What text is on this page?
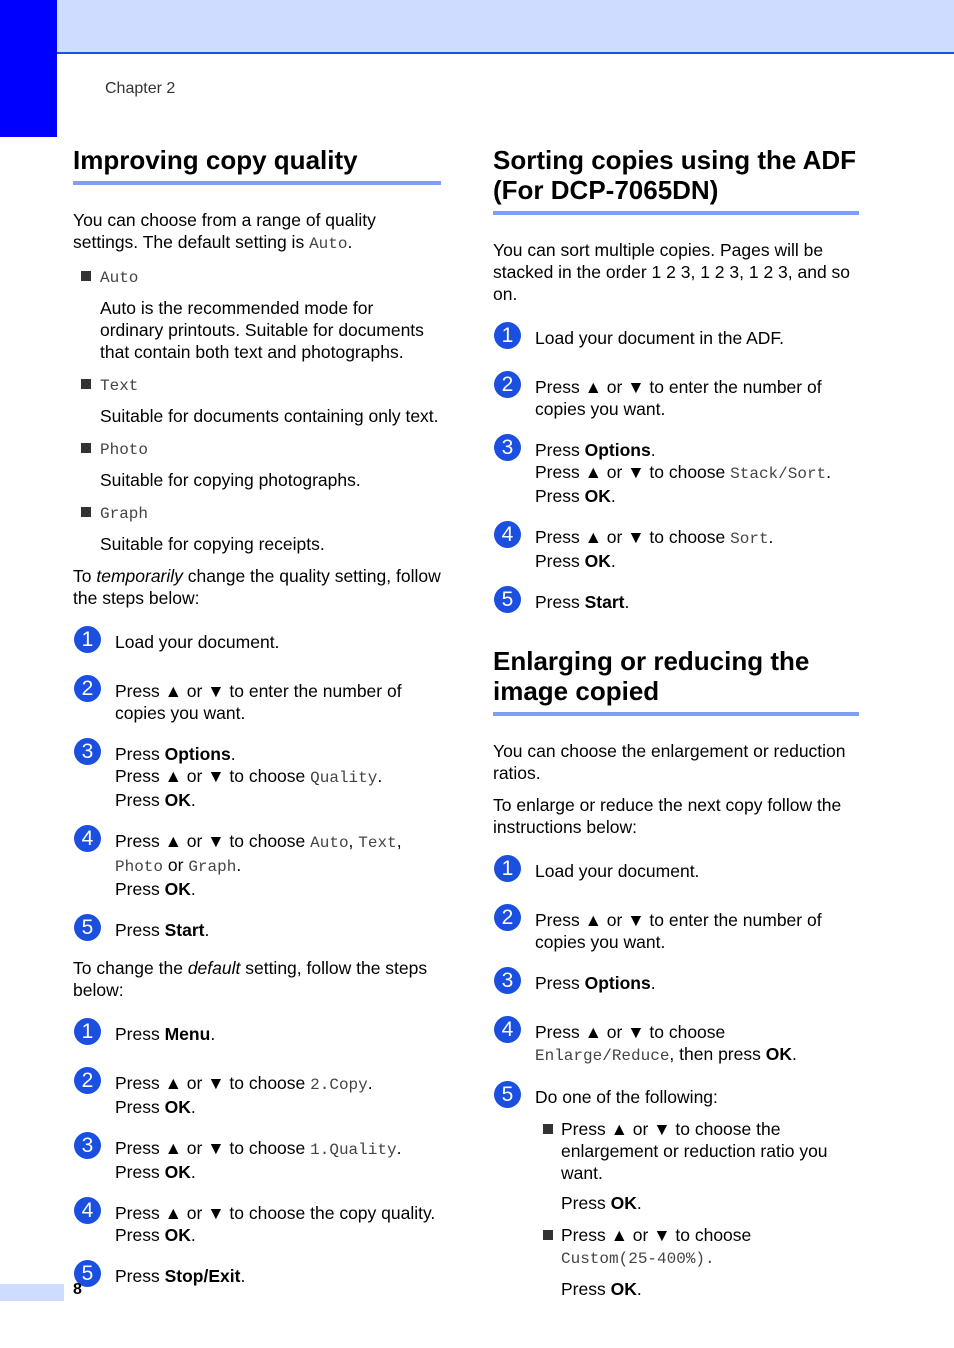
Chapter 2
Improving copy quality

You can choose from a range of quality settings. The default setting is Auto.

Auto
Auto is the recommended mode for ordinary printouts. Suitable for documents that contain both text and photographs.
Text
Suitable for documents containing only text.
Photo
Suitable for copying photographs.
Graph
Suitable for copying receipts.

To temporarily change the quality setting, follow the steps below:

1	Load your document.
2	Press ▲ or ▼ to enter the number of copies you want.
3	Press Options.
Press ▲ or ▼ to choose Quality.
Press OK.
4	Press ▲ or ▼ to choose Auto, Text,
Photo or Graph.
Press OK.
5	Press Start.

To change the default setting, follow the steps below:

1	Press Menu.
2	Press ▲ or ▼ to choose 2.Copy.
Press OK.
3	Press ▲ or ▼ to choose 1.Quality.
Press OK.
4	Press ▲ or ▼ to choose the copy quality.
Press OK.
5	Press Stop/Exit.
Sorting copies using the ADF (For DCP-7065DN)

You can sort multiple copies. Pages will be stacked in the order 1 2 3, 1 2 3, 1 2 3, and so on.

1	Load your document in the ADF.
2	Press ▲ or ▼ to enter the number of copies you want.
3	Press Options.
Press ▲ or ▼ to choose Stack/Sort.
Press OK.
4	Press ▲ or ▼ to choose Sort.
Press OK.
5	Press Start.
Enlarging or reducing the image copied

You can choose the enlargement or reduction ratios.

To enlarge or reduce the next copy follow the instructions below:

1	Load your document.
2	Press ▲ or ▼ to enter the number of copies you want.
3	Press Options.
4	Press ▲ or ▼ to choose
Enlarge/Reduce, then press OK.
5	Do one of the following:
Press ▲ or ▼ to choose the enlargement or reduction ratio you want.
Press OK.
Press ▲ or ▼ to choose
Custom(25-400%).
Press OK.
8
